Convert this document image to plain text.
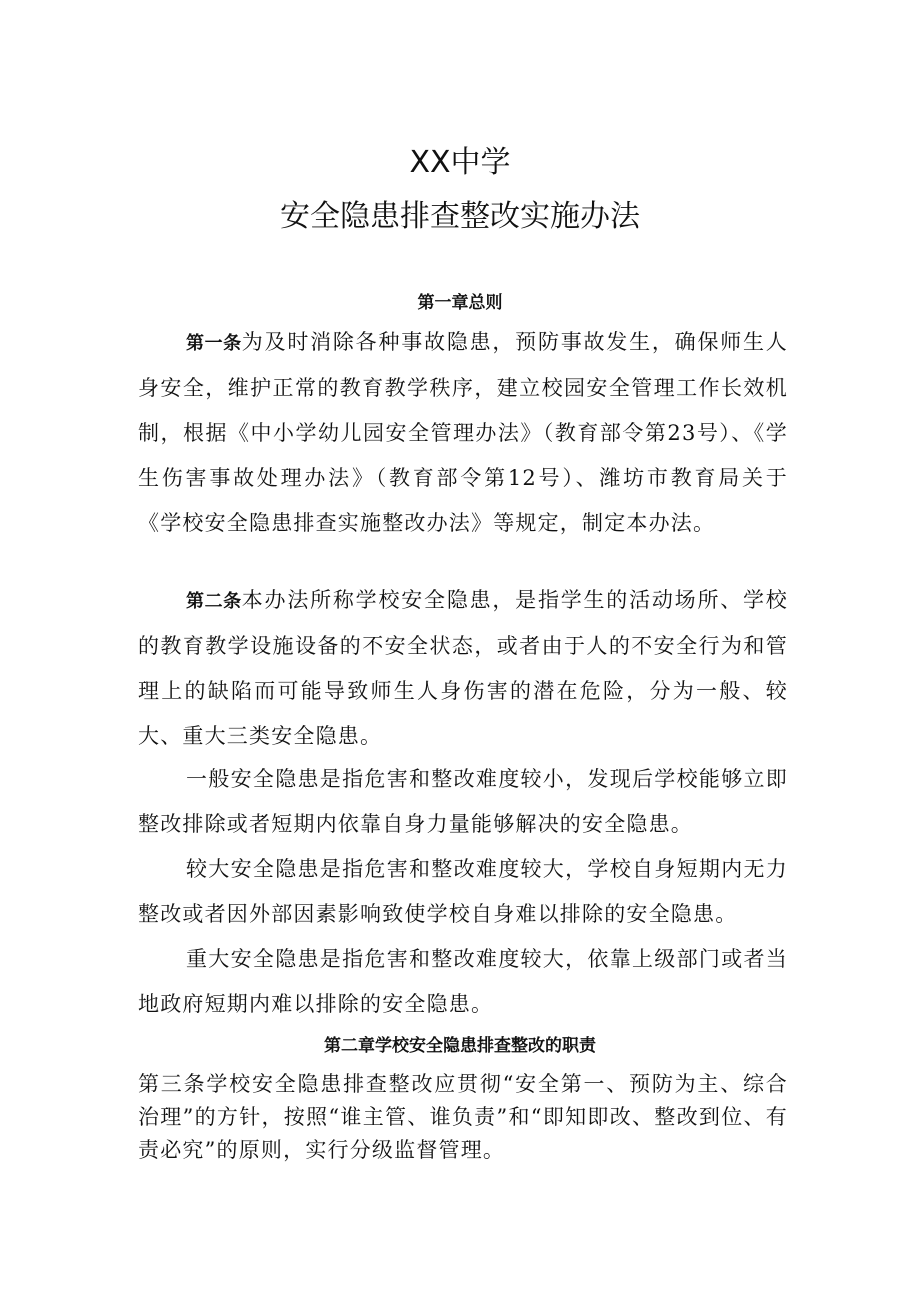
XX中学
安全隐患排查整改实施办法
第一章总则

第一条为及时消除各种事故隐患，预防事故发生，确保师生人身安全，维护正常的教育教学秩序，建立校园安全管理工作长效机制，根据《中小学幼儿园安全管理办法》（教育部令第23号）、《学生伤害事故处理办法》（教育部令第12号）、潍坊市教育局关于《学校安全隐患排查实施整改办法》等规定，制定本办法。

第二条本办法所称学校安全隐患，是指学生的活动场所、学校的教育教学设施设备的不安全状态，或者由于人的不安全行为和管理上的缺陷而可能导致师生人身伤害的潜在危险，分为一般、较大、重大三类安全隐患。

一般安全隐患是指危害和整改难度较小，发现后学校能够立即整改排除或者短期内依靠自身力量能够解决的安全隐患。

较大安全隐患是指危害和整改难度较大，学校自身短期内无力整改或者因外部因素影响致使学校自身难以排除的安全隐患。

重大安全隐患是指危害和整改难度较大，依靠上级部门或者当地政府短期内难以排除的安全隐患。

第二章学校安全隐患排查整改的职责

第三条学校安全隐患排查整改应贯彻“安全第一、预防为主、综合治理”的方针，按照“谁主管、谁负责”和“即知即改、整改到位、有责必究”的原则，实行分级监督管理。
